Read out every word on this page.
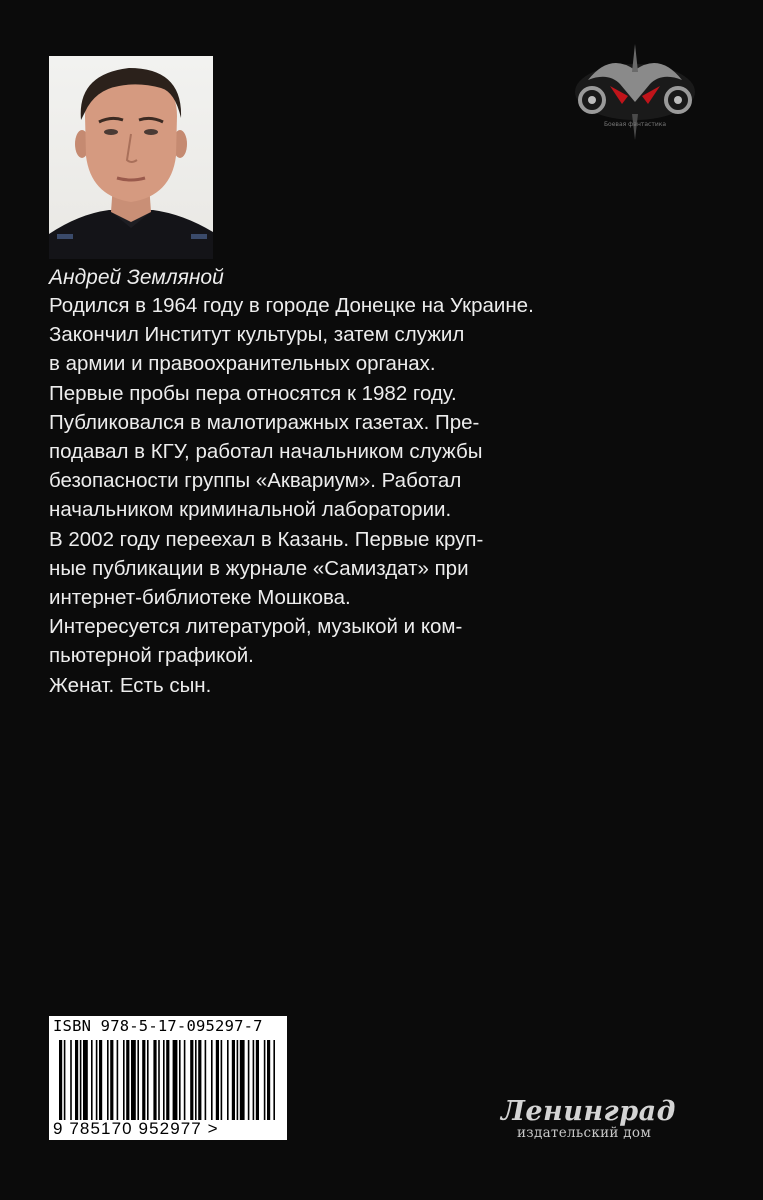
Боевая фантастика
Андрей Земляной

Родился в 1964 году в городе Донецке на Украине.

Закончил Институт культуры, затем служил

в армии и правоохранительных органах.

Первые пробы пера относятся к 1982 году.

Публиковался в малотиражных газетах. Пре-

подавал в КГУ, работал начальником службы

безопасности группы «Аквариум». Работал

начальником криминальной лаборатории.

В 2002 году переехал в Казань. Первые круп-

ные публикации в журнале «Самиздат» при

интернет-библиотеке Мошкова.

Интересуется литературой, музыкой и ком-

пьютерной графикой.

Женат. Есть сын.

ISBN 978-5-17-095297-7
9 785170 952977 >
Ленинград
издательский дом
